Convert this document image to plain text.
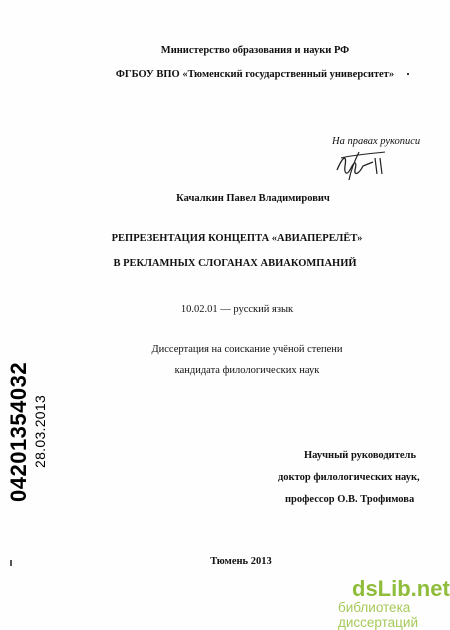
Министерство образования и науки РФ
ФГБОУ ВПО «Тюменский государственный университет»
На правах рукописи
Качалкин Павел Владимирович
РЕПРЕЗЕНТАЦИЯ КОНЦЕПТА «АВИАПЕРЕЛЁТ»
В РЕКЛАМНЫХ СЛОГАНАХ АВИАКОМПАНИЙ
10.02.01 — русский язык
Диссертация на соискание учёной степени
кандидата филологических наук
Научный руководитель
доктор филологических наук,
профессор О.В. Трофимова
Тюмень 2013
04201354032 28.03.2013
dsLib.net
библиотека диссертаций
